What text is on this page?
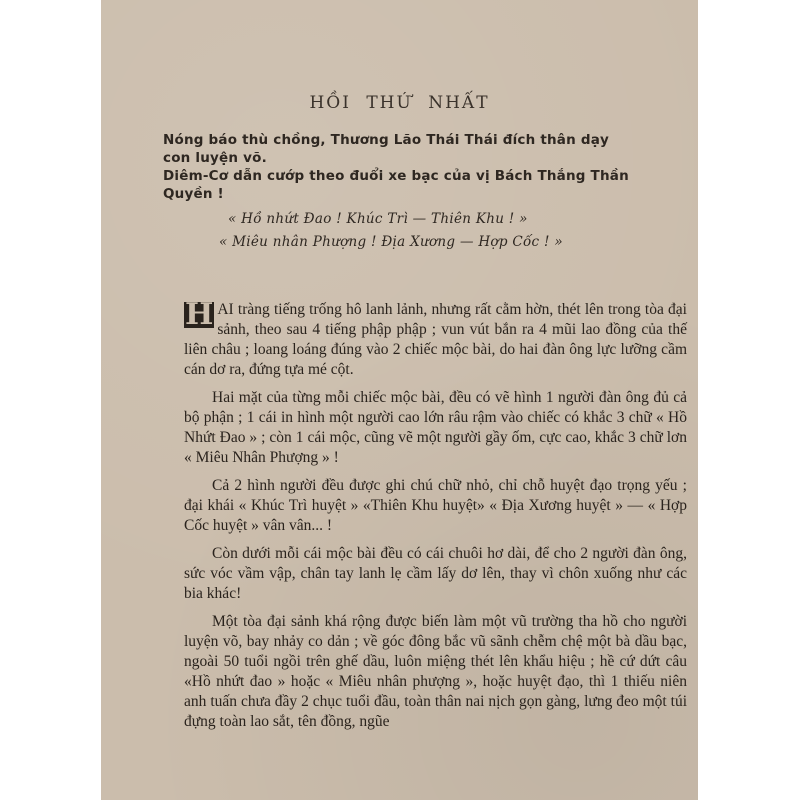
HỒI THỨ NHẤT
Nóng báo thù chồng, Thương Lão Thái Thái đích thân dạy con luyện võ.
Diêm-Cơ dẫn cướp theo đuổi xe bạc của vị Bách Thắng Thần Quyền !
« Hồ nhứt Đao ! Khúc Trì — Thiên Khu ! »
« Miêu nhân Phượng ! Địa Xương — Hợp Cốc ! »

H AI tràng tiếng trống hô lanh lảnh, nhưng rất cằm hờn, thét lên trong tòa đại sảnh, theo sau 4 tiếng phập phập ; vun vút bắn ra 4 mũi lao đồng của thế liên châu ; loang loáng đúng vào 2 chiếc mộc bài, do hai đàn ông lực lưỡng cầm cán dơ ra, đứng tựa mé cột.

Hai mặt của từng mỗi chiếc mộc bài, đều có vẽ hình 1 người đàn ông đủ cả bộ phận ; 1 cái in hình một người cao lớn râu rậm vào chiếc có khắc 3 chữ « Hồ Nhứt Đao » ; còn 1 cái mộc, cũng vẽ một người gầy ốm, cực cao, khắc 3 chữ lơn « Miêu Nhân Phượng » !

Cả 2 hình người đều được ghi chú chữ nhỏ, chỉ chỗ huyệt đạo trọng yếu ; đại khái « Khúc Trì huyệt » «Thiên Khu huyệt» « Địa Xương huyệt » — « Hợp Cốc huyệt » vân vân... !

Còn dưới mỗi cái mộc bài đều có cái chuôi hơ dài, để cho 2 người đàn ông, sức vóc vầm vập, chân tay lanh lẹ cầm lấy dơ lên, thay vì chôn xuống như các bia khác!

Một tòa đại sảnh khá rộng được biến làm một vũ trường tha hồ cho người luyện võ, bay nhảy co dản ; về góc đông bắc vũ sãnh chễm chệ một bà dầu bạc, ngoài 50 tuổi ngồi trên ghế dầu, luôn miệng thét lên khẩu hiệu ; hề cứ dứt câu «Hồ nhứt đao » hoặc « Miêu nhân phượng », hoặc huyệt đạo, thì 1 thiếu niên anh tuấn chưa đầy 2 chục tuổi đầu, toàn thân nai nịch gọn gàng, lưng đeo một túi đựng toàn lao sắt, tên đồng, ngũe
